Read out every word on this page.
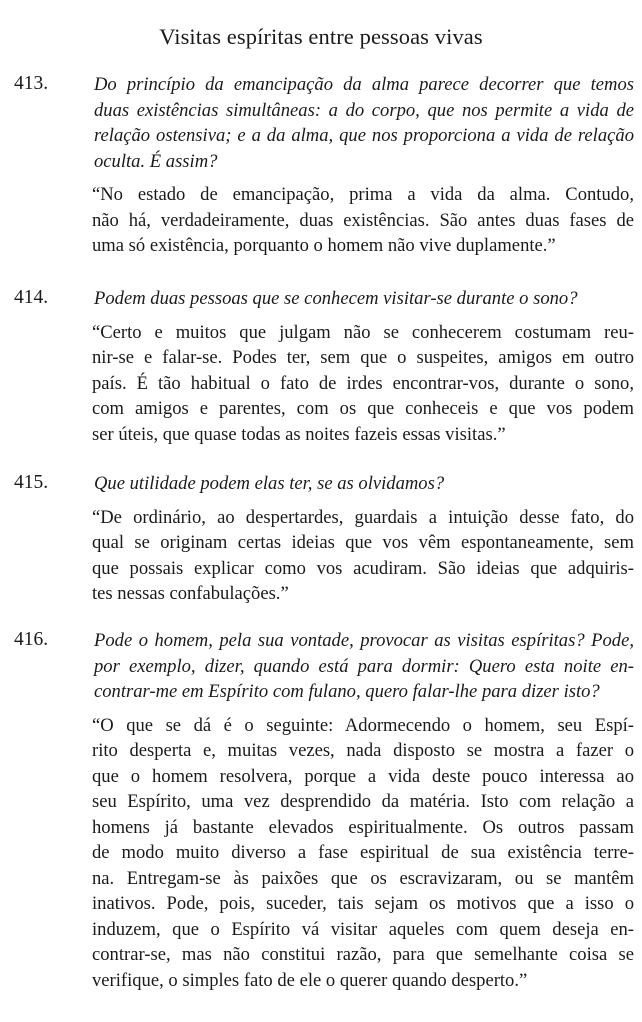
Visitas espíritas entre pessoas vivas
413. Do princípio da emancipação da alma parece decorrer que temos
duas existências simultâneas: a do corpo, que nos permite a vida de
relação ostensiva; e a da alma, que nos proporciona a vida de relação
oculta. É assim?
“No estado de emancipação, prima a vida da alma. Contudo,
não há, verdadeiramente, duas existências. São antes duas fases de
uma só existência, porquanto o homem não vive duplamente.”
414. Podem duas pessoas que se conhecem visitar-se durante o sono?
“Certo e muitos que julgam não se conhecerem costumam reu-
nir-se e falar-se. Podes ter, sem que o suspeites, amigos em outro
país. É tão habitual o fato de irdes encontrar-vos, durante o sono,
com amigos e parentes, com os que conheceis e que vos podem
ser úteis, que quase todas as noites fazeis essas visitas.”
415. Que utilidade podem elas ter, se as olvidamos?
“De ordinário, ao despertardes, guardais a intuição desse fato, do
qual se originam certas ideias que vos vêm espontaneamente, sem
que possais explicar como vos acudiram. São ideias que adquiris-
tes nessas confabulações.”
416. Pode o homem, pela sua vontade, provocar as visitas espíritas? Pode,
por exemplo, dizer, quando está para dormir: Quero esta noite en-
contrar-me em Espírito com fulano, quero falar-lhe para dizer isto?
“O que se dá é o seguinte: Adormecendo o homem, seu Espí-
rito desperta e, muitas vezes, nada disposto se mostra a fazer o
que o homem resolvera, porque a vida deste pouco interessa ao
seu Espírito, uma vez desprendido da matéria. Isto com relação a
homens já bastante elevados espiritualmente. Os outros passam
de modo muito diverso a fase espiritual de sua existência terre-
na. Entregam-se às paixões que os escravizaram, ou se mantêm
inativos. Pode, pois, suceder, tais sejam os motivos que a isso o
induzem, que o Espírito vá visitar aqueles com quem deseja en-
contrar-se, mas não constitui razão, para que semelhante coisa se
verifique, o simples fato de ele o querer quando desperto.”
